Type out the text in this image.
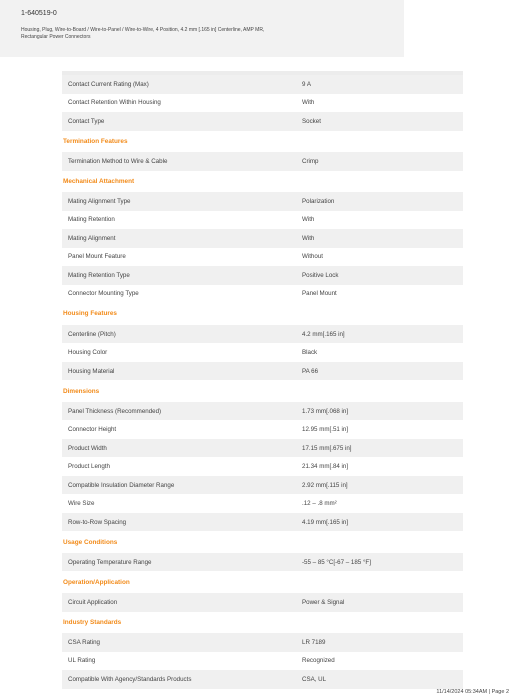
1-640519-0
Housing, Plug, Wire-to-Board / Wire-to-Panel / Wire-to-Wire, 4 Position, 4.2 mm [.165 in] Centerline, AMP MR, Rectangular Power Connectors
Contact Current Rating (Max)	9 A
Contact Retention Within Housing	With
Contact Type	Socket
Termination Features
Termination Method to Wire & Cable	Crimp
Mechanical Attachment
Mating Alignment Type	Polarization
Mating Retention	With
Mating Alignment	With
Panel Mount Feature	Without
Mating Retention Type	Positive Lock
Connector Mounting Type	Panel Mount
Housing Features
Centerline (Pitch)	4.2 mm[.165 in]
Housing Color	Black
Housing Material	PA 66
Dimensions
Panel Thickness (Recommended)	1.73 mm[.068 in]
Connector Height	12.95 mm[.51 in]
Product Width	17.15 mm[.675 in]
Product Length	21.34 mm[.84 in]
Compatible Insulation Diameter Range	2.92 mm[.115 in]
Wire Size	.12 – .8 mm²
Row-to-Row Spacing	4.19 mm[.165 in]
Usage Conditions
Operating Temperature Range	-55 – 85 °C[-67 – 185 °F]
Operation/Application
Circuit Application	Power & Signal
Industry Standards
CSA Rating	LR 7189
UL Rating	Recognized
Compatible With Agency/Standards Products	CSA, UL
11/14/2024 05:34AM | Page 2
